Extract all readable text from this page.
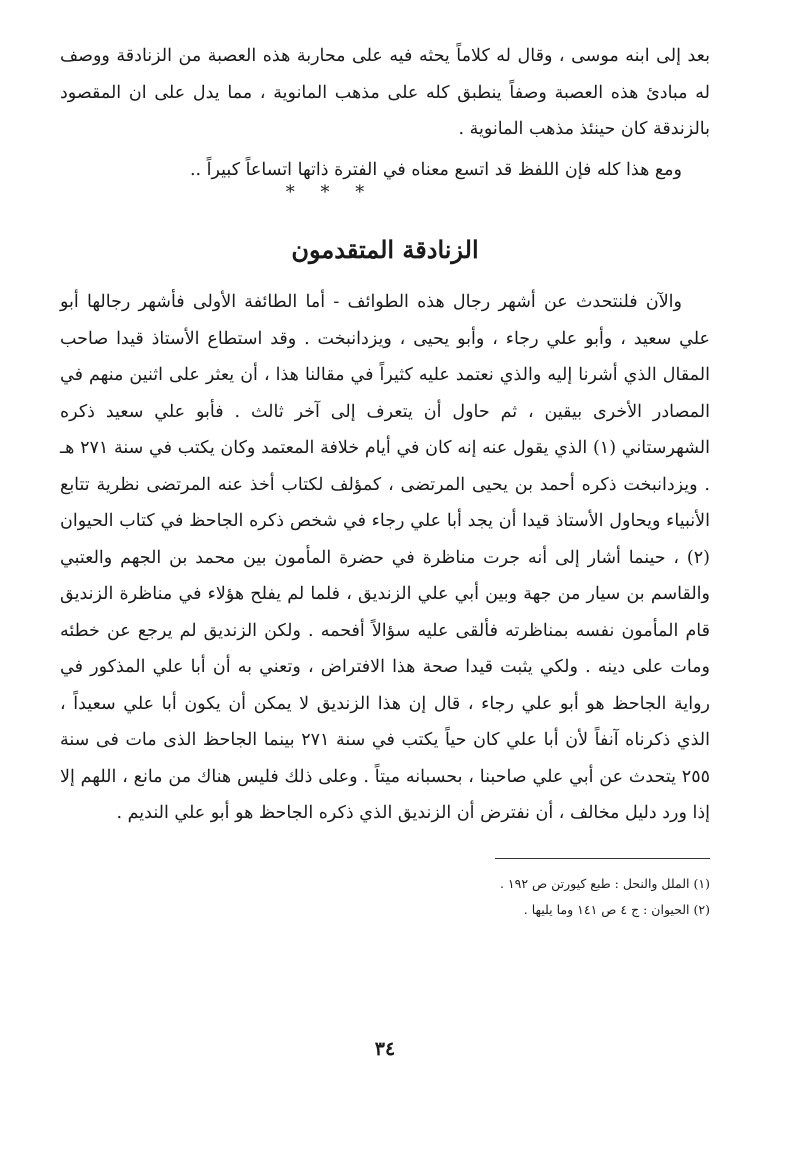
بعد إلى ابنه موسى ، وقال له كلاماً يحثه فيه على محاربة هذه العصبة من الزنادقة ووصف له مبادئ هذه العصبة وصفاً ينطبق كله على مذهب المانوية ، مما يدل على ان المقصود بالزندقة كان حينئذ مذهب المانوية .

ومع هذا كله فإن اللفظ قد اتسع معناه في الفترة ذاتها اتساعاً كبيراً ..

* * *
الزنادقة المتقدمون

والآن فلنتحدث عن أشهر رجال هذه الطوائف - أما الطائفة الأولى فأشهر رجالها أبو علي سعيد ، وأبو علي رجاء ، وأبو يحيى ، ويزدانبخت . وقد استطاع الأستاذ قيدا صاحب المقال الذي أشرنا إليه والذي نعتمد عليه كثيراً في مقالنا هذا ، أن يعثر على اثنين منهم في المصادر الأخرى بيقين ، ثم حاول أن يتعرف إلى آخر ثالث . فأبو علي سعيد ذكره الشهرستاني (١) الذي يقول عنه إنه كان في أيام خلافة المعتمد وكان يكتب في سنة ٢٧١ هـ . ويزدانبخت ذكره أحمد بن يحيى المرتضى ، كمؤلف لكتاب أخذ عنه المرتضى نظرية تتابع الأنبياء ويحاول الأستاذ قيدا أن يجد أبا علي رجاء في شخص ذكره الجاحظ في كتاب الحيوان (٢) ، حينما أشار إلى أنه جرت مناظرة في حضرة المأمون بين محمد بن الجهم والعتبي والقاسم بن سيار من جهة وبين أبي علي الزنديق ، فلما لم يفلح هؤلاء في مناظرة الزنديق قام المأمون نفسه بمناظرته فألقى عليه سؤالاً أفحمه . ولكن الزنديق لم يرجع عن خطئه ومات على دينه . ولكي يثبت قيدا صحة هذا الافتراض ، وتعني به أن أبا علي المذكور في رواية الجاحظ هو أبو علي رجاء ، قال إن هذا الزنديق لا يمكن أن يكون أبا علي سعيداً ، الذي ذكرناه آنفاً لأن أبا علي كان حياً يكتب في سنة ٢٧١ بينما الجاحظ الذى مات فى سنة ٢٥٥ يتحدث عن أبي علي صاحبنا ، بحسبانه ميتاً . وعلى ذلك فليس هناك من مانع ، اللهم إلا إذا ورد دليل مخالف ، أن نفترض أن الزنديق الذي ذكره الجاحظ هو أبو علي النديم .

(١) الملل والنحل : طبع كيورتن ص ١٩٢ .
(٢) الحيوان : ج ٤ ص ١٤١ وما يليها .
٣٤
